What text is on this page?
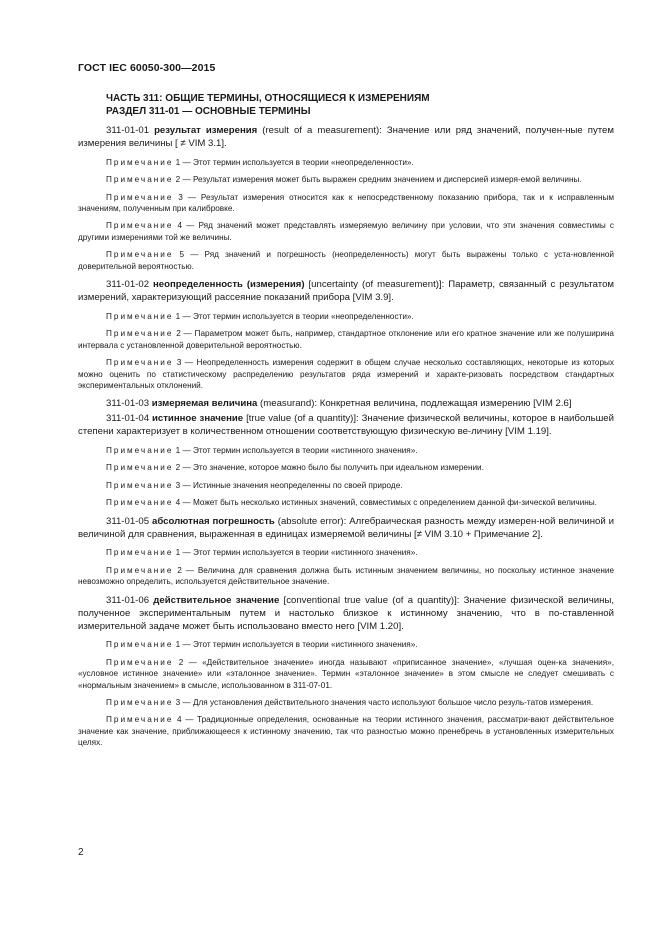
ГОСТ IEC 60050-300—2015

ЧАСТЬ 311: ОБЩИЕ ТЕРМИНЫ, ОТНОСЯЩИЕСЯ К ИЗМЕРЕНИЯМ

РАЗДЕЛ 311-01 — ОСНОВНЫЕ ТЕРМИНЫ

311-01-01 результат измерения (result of a measurement): Значение или ряд значений, получен-ные путем измерения величины [ ≠ VIM 3.1].

Примечание 1 — Этот термин используется в теории «неопределенности».

Примечание 2 — Результат измерения может быть выражен средним значением и дисперсией измеря-емой величины.

Примечание 3 — Результат измерения относится как к непосредственному показанию прибора, так и к исправленным значениям, полученным при калибровке.

Примечание 4 — Ряд значений может представлять измеряемую величину при условии, что эти значения совместимы с другими измерениями той же величины.

Примечание 5 — Ряд значений и погрешность (неопределенность) могут быть выражены только с уста-новленной доверительной вероятностью.

311-01-02 неопределенность (измерения) [uncertainty (of measurement)]: Параметр, связанный с результатом измерений, характеризующий рассеяние показаний прибора [VIM 3.9].

Примечание 1 — Этот термин используется в теории «неопределенности».

Примечание 2 — Параметром может быть, например, стандартное отклонение или его кратное значение или же полуширина интервала с установленной доверительной вероятностью.

Примечание 3 — Неопределенность измерения содержит в общем случае несколько составляющих, некоторые из которых можно оценить по статистическому распределению результатов ряда измерений и характе-ризовать посредством стандартных экспериментальных отклонений.

311-01-03 измеряемая величина (measurand): Конкретная величина, подлежащая измерению [VIM 2.6]

311-01-04 истинное значение [true value (of a quantity)]: Значение физической величины, которое в наибольшей степени характеризует в количественном отношении соответствующую физическую ве-личину [VIM 1.19].

Примечание 1 — Этот термин используется в теории «истинного значения».

Примечание 2 — Это значение, которое можно было бы получить при идеальном измерении.

Примечание 3 — Истинные значения неопределенны по своей природе.

Примечание 4 — Может быть несколько истинных значений, совместимых с определением данной фи-зической величины.

311-01-05 абсолютная погрешность (absolute error): Алгебраическая разность между измерен-ной величиной и величиной для сравнения, выраженная в единицах измеряемой величины [≠ VIM 3.10 + Примечание 2].

Примечание 1 — Этот термин используется в теории «истинного значения».

Примечание 2 — Величина для сравнения должна быть истинным значением величины, но поскольку истинное значение невозможно определить, используется действительное значение.

311-01-06 действительное значение [conventional true value (of a quantity)]: Значение физической величины, полученное экспериментальным путем и настолько близкое к истинному значению, что в по-ставленной измерительной задаче может быть использовано вместо него [VIM 1.20].

Примечание 1 — Этот термин используется в теории «истинного значения».

Примечание 2 — «Действительное значение» иногда называют «приписанное значение», «лучшая оцен-ка значения», «условное истинное значение» или «эталонное значение». Термин «эталонное значение» в этом смысле не следует смешивать с «нормальным значением» в смысле, использованном в 311-07-01.

Примечание 3 — Для установления действительного значения часто используют большое число резуль-татов измерения.

Примечание 4 — Традиционные определения, основанные на теории истинного значения, рассматри-вают действительное значение как значение, приближающееся к истинному значению, так что разностью можно пренебречь в установленных измерительных целях.

2
